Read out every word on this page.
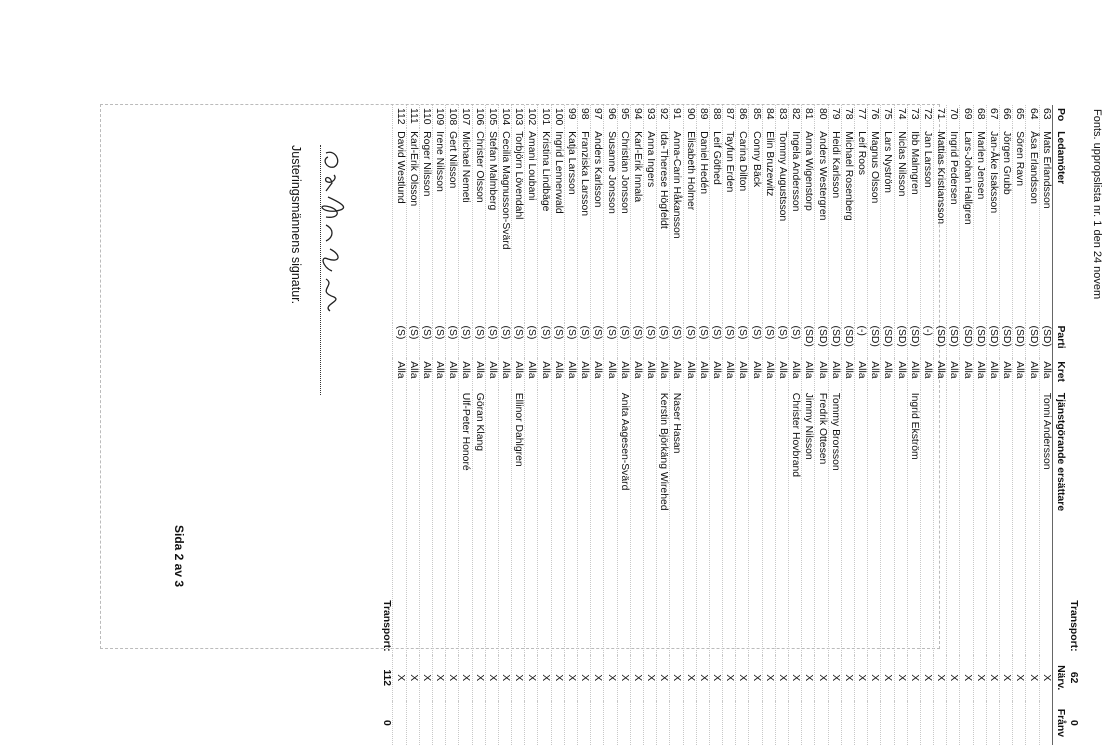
Fonts. uppropslista nr. 1 den 24 novem
Transport:					62	0
Po	Ledamöter	Parti	Kret	Tjänstgörande ersättare	Närv.	Frånv
63	Mats Erlandsson	(SD)	Alla	Tonni Andersson	X	
64	Åsa Erlandsson	(SD)	Alla		X	
65	Sören Ravn	(SD)	Alla		X	
66	Jörgen Grubb	(SD)	Alla		X	
67	Jan-Åke Isaksson	(SD)	Alla		X	
68	Marlen Jensen	(SD)	Alla		X	
69	Lars-Johan Hallgren	(SD)	Alla		X	
70	Ingrid Pedersen	(SD)	Alla		X	
71	Mattias Kristiansson	(SD)	Alla		X	
72	Jan Larsson	(-)	Alla		X	
73	Ibb Malmgren	(SD)	Alla	Ingrid Ekström	X	
74	Niclas Nilsson	(SD)	Alla		X	
75	Lars Nyström	(SD)	Alla		X	
76	Magnus Olsson	(SD)	Alla		X	
77	Leif Roos	(-)	Alla		X	
78	Michael Rosenberg	(SD)	Alla		X	
79	Heidi Karlsson	(SD)	Alla	Tommy Brorsson	X	
80	Anders Westergren	(SD)	Alla	Fredrik Ottesen	X	
81	Anna Wigenstorp	(SD)	Alla	Jimmy Nilsson	X	
82	Ingela Andersson	(S)	Alla	Christer Hovbrand	X	
83	Tommy Augustsson	(S)	Alla		X	
84	Elin Bruzewitz	(S)	Alla		X	
85	Conny Bäck	(S)	Alla		X	
86	Carina Dilton	(S)	Alla		X	
87	Tayfun Erden	(S)	Alla		X	
88	Leif Göthed	(S)	Alla		X	
89	Daniel Hedén	(S)	Alla		X	
90	Elisabeth Holmer	(S)	Alla		X	
91	Anna-Carin Håkansson	(S)	Alla	Naser Hasan	X	
92	Ida-Therese Högfeldt	(S)	Alla	Kerstin Björkäng Wirehed	X	
93	Anna Ingers	(S)	Alla		X	
94	Karl-Erik Innala	(S)	Alla		X	
95	Christian Jonsson	(S)	Alla	Anita Aagesen-Svärd	X	
96	Susanne Jonsson	(S)	Alla		X	
97	Anders Karlsson	(S)	Alla		X	
98	Franziska Larsson	(S)	Alla		X	
99	Katja Larsson	(S)	Alla		X	
100	Ingrid Lennerwald	(S)	Alla		X	
101	Kristina Lindbäge	(S)	Alla		X	
102	Amani Loubani	(S)	Alla		X	
103	Torbjörn Lövendahl	(S)	Alla	Ellinor Dahlgren	X	
104	Cecilia Magnusson-Svärd	(S)	Alla		X	
105	Stefan Malmberg	(S)	Alla		X	
106	Christer Olsson	(S)	Alla	Göran Klang	X	
107	Michael Nemeti	(S)	Alla	Ulf-Peter Honoré	X	
108	Gert Nilsson	(S)	Alla		X	
109	Irene Nilsson	(S)	Alla		X	
110	Roger Nilsson	(S)	Alla		X	
111	Karl-Erik Olsson	(S)	Alla		X	
112	David Westlund	(S)	Alla		X	
Transport:					112	0
Justeringsmännens signatur.
Sida 2 av 3
